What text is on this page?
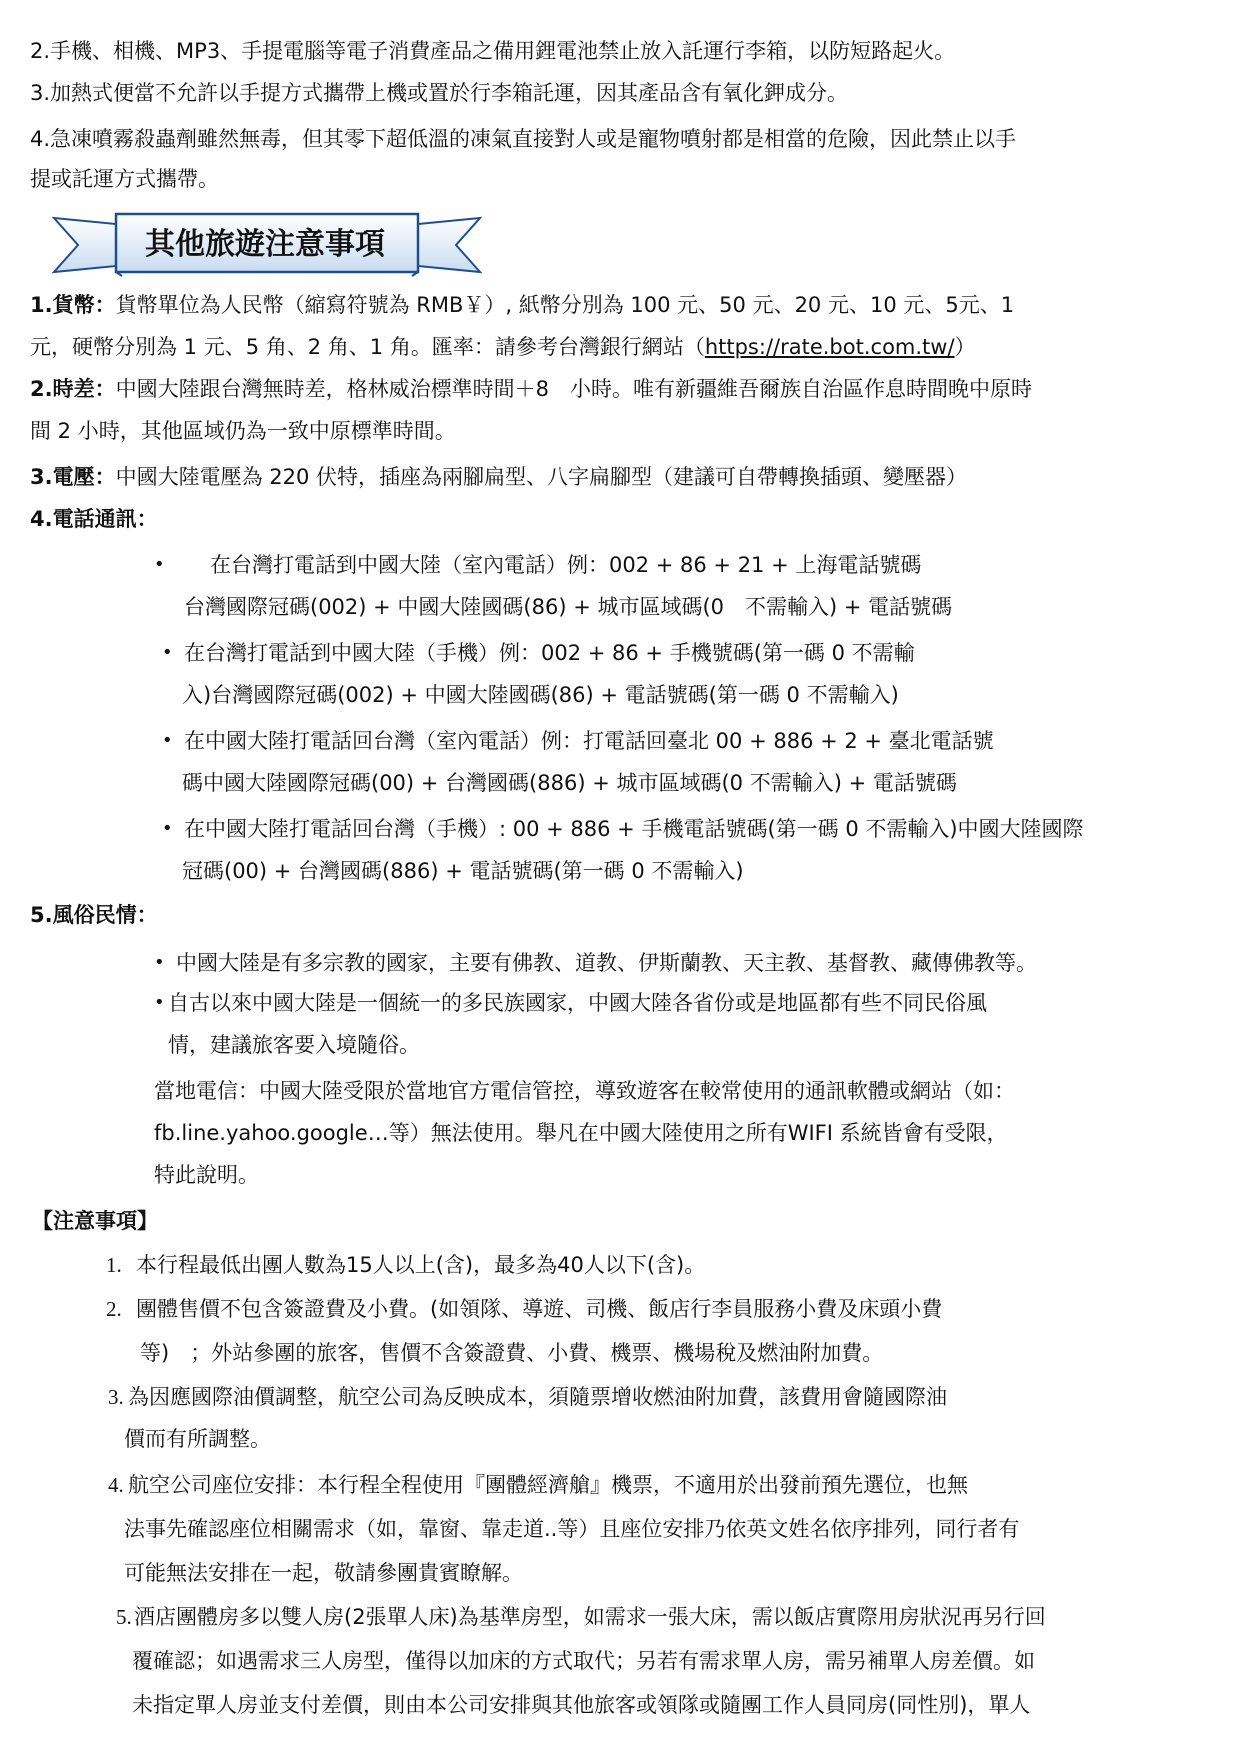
2.手機、相機、MP3、手提電腦等電子消費產品之備用鋰電池禁止放入託運行李箱，以防短路起火。
3.加熱式便當不允許以手提方式攜帶上機或置於行李箱託運，因其產品含有氧化鉀成分。
4.急凍噴霧殺蟲劑雖然無毒，但其零下超低溫的凍氣直接對人或是寵物噴射都是相當的危險，因此禁止以手
提或託運方式攜帶。
其他旅遊注意事項
1.貨幣：貨幣單位為人民幣（縮寫符號為 RMB￥）, 紙幣分別為 100 元、50 元、20 元、10 元、5元、1
元，硬幣分別為 1 元、5 角、2 角、1 角。匯率：請參考台灣銀行網站（https://rate.bot.com.tw/）
2.時差：中國大陸跟台灣無時差，格林威治標準時間＋8　小時。唯有新疆維吾爾族自治區作息時間晚中原時
間 2 小時，其他區域仍為一致中原標準時間。
3.電壓：中國大陸電壓為 220 伏特，插座為兩腳扁型、八字扁腳型（建議可自帶轉換插頭、變壓器）
4.電話通訊：
• 在台灣打電話到中國大陸（室內電話）例：002 + 86 + 21 + 上海電話號碼
台灣國際冠碼(002) + 中國大陸國碼(86) + 城市區域碼(0　不需輸入) + 電話號碼
• 在台灣打電話到中國大陸（手機）例：002 + 86 + 手機號碼(第一碼 0 不需輸
入)台灣國際冠碼(002) + 中國大陸國碼(86) + 電話號碼(第一碼 0 不需輸入)
• 在中國大陸打電話回台灣（室內電話）例：打電話回臺北 00 + 886 + 2 + 臺北電話號
碼中國大陸國際冠碼(00) + 台灣國碼(886) + 城市區域碼(0 不需輸入) + 電話號碼
• 在中國大陸打電話回台灣（手機）: 00 + 886 + 手機電話號碼(第一碼 0 不需輸入)中國大陸國際
冠碼(00) + 台灣國碼(886) + 電話號碼(第一碼 0 不需輸入)
5.風俗民情：
• 中國大陸是有多宗教的國家，主要有佛教、道教、伊斯蘭教、天主教、基督教、藏傳佛教等。
• 自古以來中國大陸是一個統一的多民族國家，中國大陸各省份或是地區都有些不同民俗風
情，建議旅客要入境隨俗。
當地電信：中國大陸受限於當地官方電信管控，導致遊客在較常使用的通訊軟體或網站（如：
fb.line.yahoo.google…等）無法使用。舉凡在中國大陸使用之所有WIFI 系統皆會有受限，
特此說明。
【注意事項】
1. 本行程最低出團人數為15人以上(含)，最多為40人以下(含)。
2. 團體售價不包含簽證費及小費。(如領隊、導遊、司機、飯店行李員服務小費及床頭小費
等)　；外站參團的旅客，售價不含簽證費、小費、機票、機場稅及燃油附加費。
3. 為因應國際油價調整，航空公司為反映成本，須隨票增收燃油附加費，該費用會隨國際油
價而有所調整。
4. 航空公司座位安排：本行程全程使用『團體經濟艙』機票，不適用於出發前預先選位，也無
法事先確認座位相關需求（如，靠窗、靠走道..等）且座位安排乃依英文姓名依序排列，同行者有
可能無法安排在一起，敬請參團貴賓瞭解。
5. 酒店團體房多以雙人房(2張單人床)為基準房型，如需求一張大床，需以飯店實際用房狀況再另行回
覆確認；如遇需求三人房型，僅得以加床的方式取代；另若有需求單人房，需另補單人房差價。如
未指定單人房並支付差價，則由本公司安排與其他旅客或領隊或隨團工作人員同房(同性別)，單人
